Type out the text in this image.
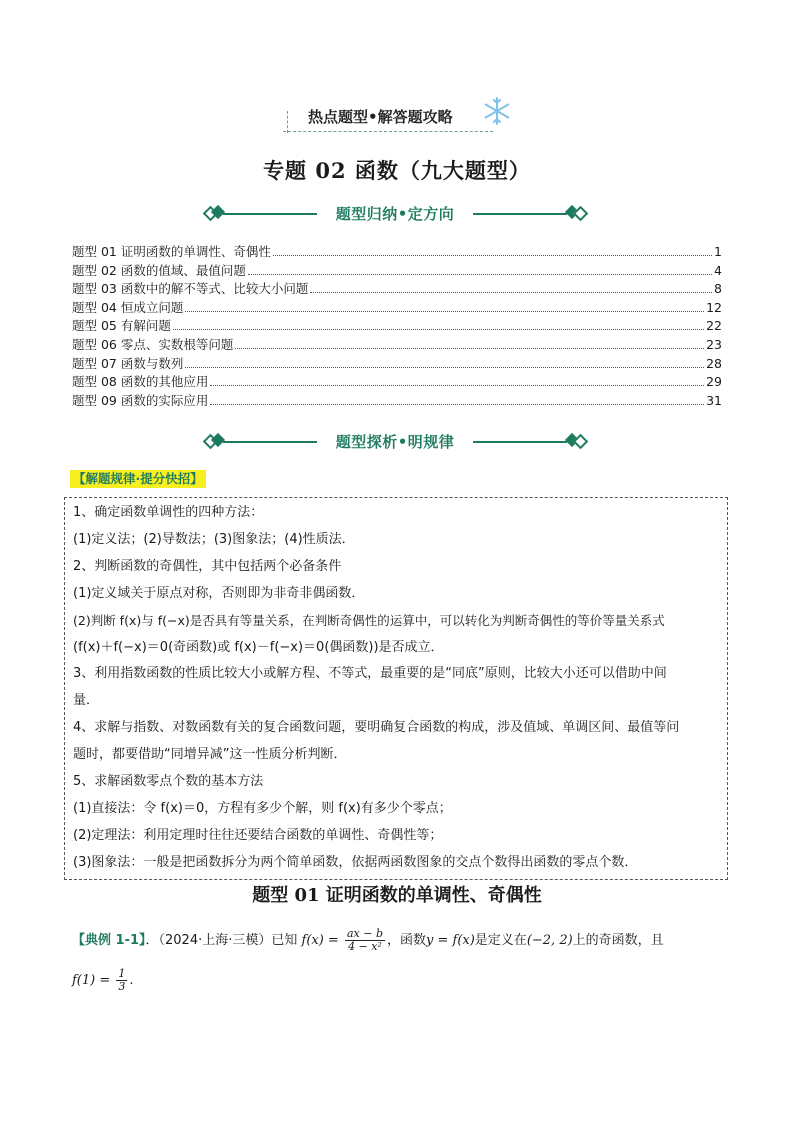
热点题型•解答题攻略
专题 02 函数（九大题型）
题型归纳•定方向
题型 01 证明函数的单调性、奇偶性	1
题型 02 函数的值域、最值问题	4
题型 03 函数中的解不等式、比较大小问题	8
题型 04 恒成立问题	12
题型 05 有解问题	22
题型 06 零点、实数根等问题	23
题型 07 函数与数列	28
题型 08 函数的其他应用	29
题型 09 函数的实际应用	31
题型探析•明规律
【解题规律·提分快招】

1、确定函数单调性的四种方法：

(1)定义法；(2)导数法；(3)图象法；(4)性质法．

2、判断函数的奇偶性，其中包括两个必备条件

(1)定义域关于原点对称，否则即为非奇非偶函数．

(2)判断 f(x)与 f(−x)是否具有等量关系，在判断奇偶性的运算中，可以转化为判断奇偶性的等价等量关系式

(f(x)＋f(−x)＝0(奇函数)或 f(x)－f(−x)＝0(偶函数))是否成立．

3、利用指数函数的性质比较大小或解方程、不等式，最重要的是“同底”原则，比较大小还可以借助中间

量．

4、求解与指数、对数函数有关的复合函数问题，要明确复合函数的构成，涉及值域、单调区间、最值等问

题时，都要借助“同增异减”这一性质分析判断．

5、求解函数零点个数的基本方法

(1)直接法：令 f(x)＝0，方程有多少个解，则 f(x)有多少个零点；

(2)定理法：利用定理时往往还要结合函数的单调性、奇偶性等；

(3)图象法：一般是把函数拆分为两个简单函数，依据两函数图象的交点个数得出函数的零点个数．

题型 01 证明函数的单调性、奇偶性
【典例 1-1】．（2024·上海·三模）已知 $f(x) = \frac{ax - b}{\text{4 − x²}}$ ，函数y = f(x)是定义在(−2, 2)上的奇函数，且
$f(1) = \frac{1}{3}$ .
